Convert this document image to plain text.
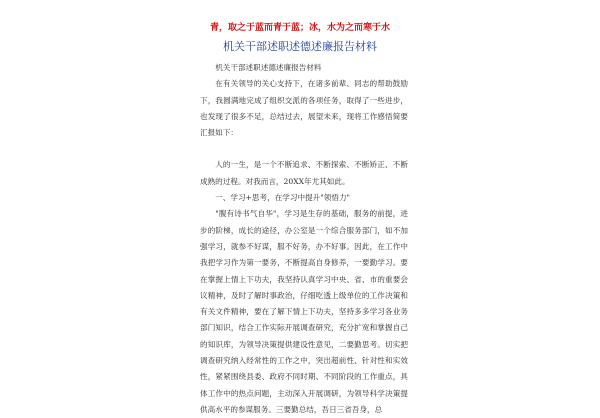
青，取之于蓝而青于蓝；冰，水为之而寒于水
机关干部述职述德述廉报告材料

机关干部述职述德述廉报告材料

在有关领导的关心支持下，在诸多前辈、同志的帮助鼓励下，我圆满地完成了组织交派的各项任务，取得了一些进步，也发现了很多不足，总结过去，展望未来，现将工作感悟简要汇报如下：

人的一生，是一个不断追求、不断探索、不断矫正、不断成熟的过程。对我而言，20XX年尤其如此。

一、学习+思考，在学习中提升"领悟力"

"腹有诗书气自华"，学习是生存的基础，服务的前提，进步的阶梯，成长的途径，办公室是一个综合服务部门，如不加强学习，就参不好谋，服不好务，办不好事。因此，在工作中我把学习作为第一要务，不断提高自身修养，一要勤学习。要在掌握上情上下功夫，我坚持认真学习中央、省、市的重要会议精神，及时了解时事政治，仔细吃透上级单位的工作决策和有关文件精神，要在了解下情上下功夫，坚持多多学习各业务部门知识，结合工作实际开展调查研究，充分扩宽和掌握自己的知识库，为领导决策提供建设性意见，二要勤思考。切实把调查研究纳入经常性的工作之中，突出超前性、针对性和实效性，紧紧围绕县委、政府不同时期、不同阶段的工作重点，具体工作中的热点问题，主动深入开展调研，为领导科学决策提供高水平的参谋服务。三要勤总结，吾日三省吾身，总
